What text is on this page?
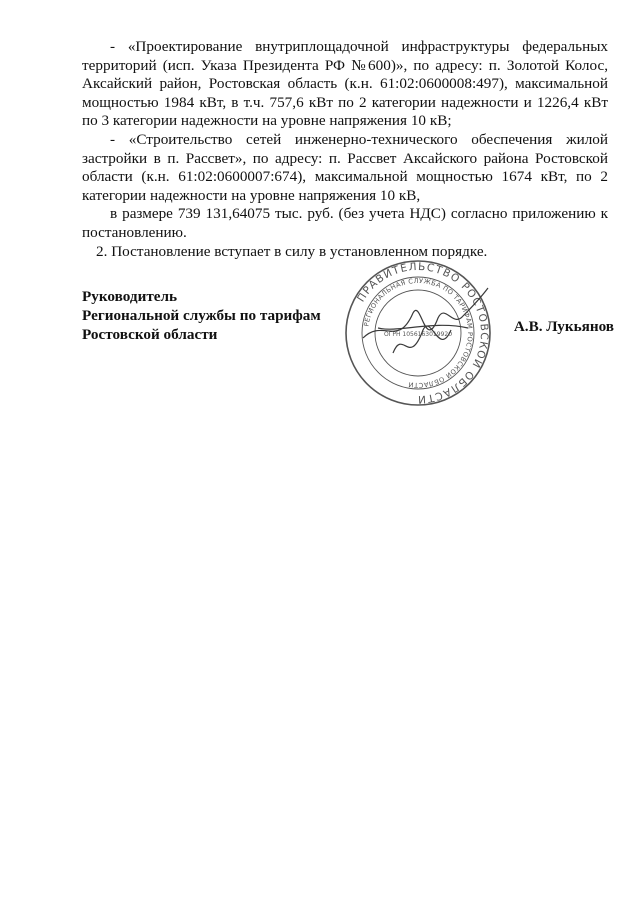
- «Проектирование внутриплощадочной инфраструктуры федеральных территорий (исп. Указа Президента РФ №600)», по адресу: п. Золотой Колос, Аксайский район, Ростовская область (к.н. 61:02:0600008:497), максимальной мощностью 1984 кВт, в т.ч. 757,6 кВт по 2 категории надежности и 1226,4 кВт по 3 категории надежности на уровне напряжения 10 кВ;

- «Строительство сетей инженерно-технического обеспечения жилой застройки в п. Рассвет», по адресу: п. Рассвет Аксайского района Ростовской области (к.н. 61:02:0600007:674), максимальной мощностью 1674 кВт, по 2 категории надежности на уровне напряжения 10 кВ,

в размере 739 131,64075 тыс. руб. (без учета НДС) согласно приложению к постановлению.

2. Постановление вступает в силу в установленном порядке.

Руководитель
Региональной службы по тарифам
Ростовской области	А.В. Лукьянов
ПРАВИТЕЛЬСТВО РОСТОВСКОЙ ОБЛАСТИ
РЕГИОНАЛЬНАЯ СЛУЖБА ПО ТАРИФАМ РОСТОВСКОЙ ОБЛАСТИ
ОГРН 1056163019920
